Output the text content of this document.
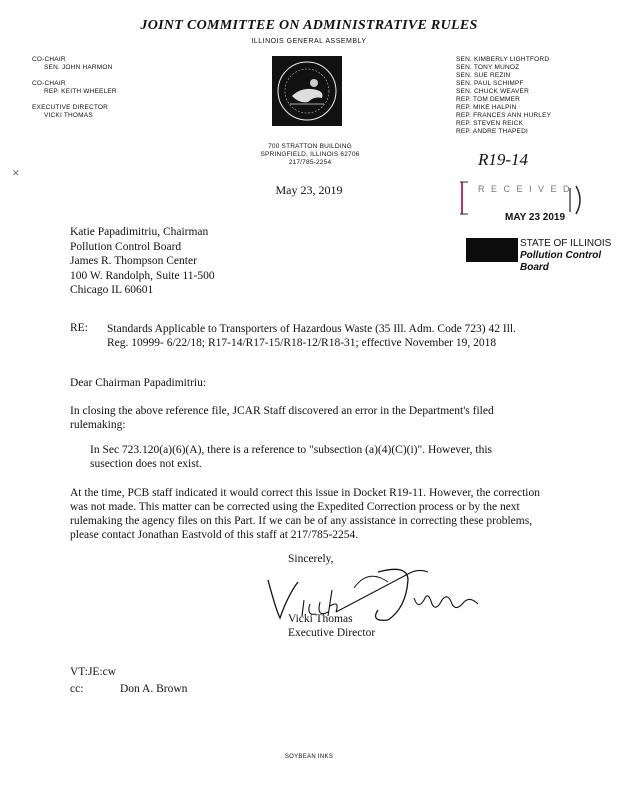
JOINT COMMITTEE ON ADMINISTRATIVE RULES
ILLINOIS GENERAL ASSEMBLY
CO-CHAIR
SEN. JOHN HARMON
CO-CHAIR
REP. KEITH WHEELER
EXECUTIVE DIRECTOR
VICKI THOMAS
SEN. KIMBERLY LIGHTFORD
SEN. TONY MUNOZ
SEN. SUE REZIN
SEN. PAUL SCHIMPF
SEN. CHUCK WEAVER
REP. TOM DEMMER
REP. MIKE HALPIN
REP. FRANCES ANN HURLEY
REP. STEVEN REICK
REP. ANDRE THAPEDI
700 STRATTON BUILDING
SPRINGFIELD, ILLINOIS 62706
217/785-2254	R19-14
R E C E I V E D
MAY 23 2019
STATE OF ILLINOIS
Pollution Control Board
✕
May 23, 2019
Katie Papadimitriu, Chairman
Pollution Control Board
James R. Thompson Center
100 W. Randolph, Suite 11-500
Chicago IL 60601
RE: Standards Applicable to Transporters of Hazardous Waste (35 Ill. Adm. Code 723) 42 Ill. Reg. 10999- 6/22/18; R17-14/R17-15/R18-12/R18-31; effective November 19, 2018
Dear Chairman Papadimitriu:
In closing the above reference file, JCAR Staff discovered an error in the Department's filed rulemaking:
In Sec 723.120(a)(6)(A), there is a reference to "subsection (a)(4)(C)(i)". However, this susection does not exist.
At the time, PCB staff indicated it would correct this issue in Docket R19-11. However, the correction was not made. This matter can be corrected using the Expedited Correction process or by the next rulemaking the agency files on this Part. If we can be of any assistance in correcting these problems, please contact Jonathan Eastvold of this staff at 217/785-2254.
Sincerely,
Vicki Thomas
Executive Director
VT:JE:cw
cc:	Don A. Brown
SOYBEAN INKS
